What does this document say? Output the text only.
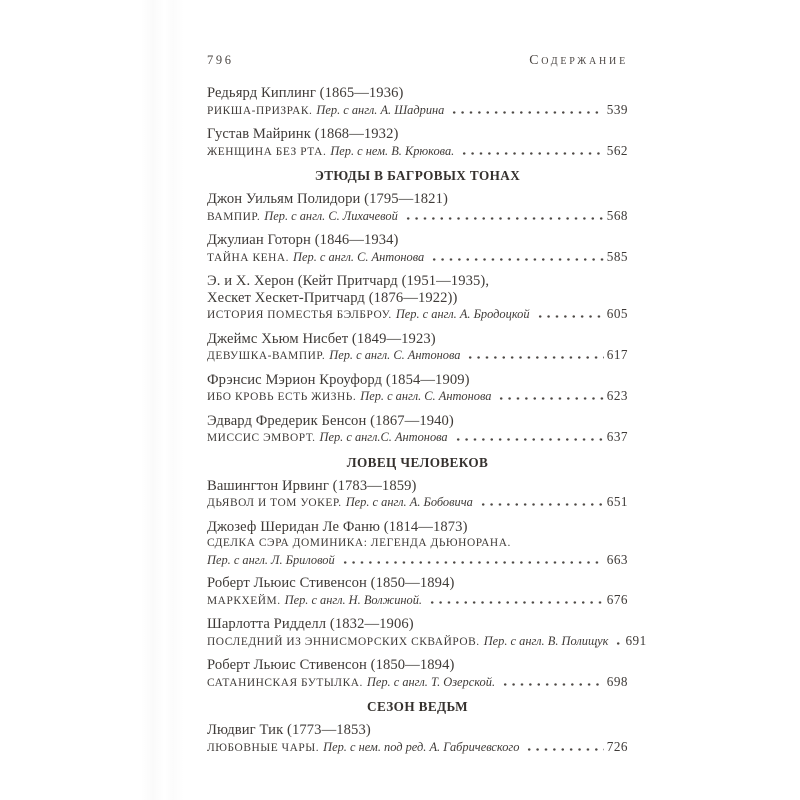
796	Содержание
Редьярд Киплинг (1865—1936)
РИКША-ПРИЗРАК. Пер. с англ. А. Шадрина	539
Густав Майринк (1868—1932)
ЖЕНЩИНА БЕЗ РТА. Пер. с нем. В. Крюкова.	562
ЭТЮДЫ В БАГРОВЫХ ТОНАХ
Джон Уильям Полидори (1795—1821)
ВАМПИР. Пер. с англ. С. Лихачевой	568
Джулиан Готорн (1846—1934)
ТАЙНА КЕНА. Пер. с англ. С. Антонова	585
Э. и Х. Херон (Кейт Притчард (1951—1935),
Хескет Хескет-Притчард (1876—1922))
ИСТОРИЯ ПОМЕСТЬЯ БЭЛБРОУ. Пер. с англ. А. Бродоцкой	605
Джеймс Хьюм Нисбет (1849—1923)
ДЕВУШКА-ВАМПИР. Пер. с англ. С. Антонова	617
Фрэнсис Мэрион Кроуфорд (1854—1909)
ИБО КРОВЬ ЕСТЬ ЖИЗНЬ. Пер. с англ. С. Антонова	623
Эдвард Фредерик Бенсон (1867—1940)
МИССИС ЭМВОРТ. Пер. с англ.С. Антонова	637
ЛОВЕЦ ЧЕЛОВЕКОВ
Вашингтон Ирвинг (1783—1859)
ДЬЯВОЛ И ТОМ УОКЕР. Пер. с англ. А. Бобовича	651
Джозеф Шеридан Ле Фаню (1814—1873)
СДЕЛКА СЭРА ДОМИНИКА: ЛЕГЕНДА ДЬЮНОРАНА.
Пер. с англ. Л. Бриловой	663
Роберт Льюис Стивенсон (1850—1894)
МАРКХЕЙМ. Пер. с англ. Н. Волжиной.	676
Шарлотта Ридделл (1832—1906)
ПОСЛЕДНИЙ ИЗ ЭННИСМОРСКИХ СКВАЙРОВ. Пер. с англ. В. Полищук 691
Роберт Льюис Стивенсон (1850—1894)
САТАНИНСКАЯ БУТЫЛКА. Пер. с англ. Т. Озерской.	698
СЕЗОН ВЕДЬМ
Людвиг Тик (1773—1853)
ЛЮБОВНЫЕ ЧАРЫ. Пер. с нем. под ред. А. Габричевского	726
